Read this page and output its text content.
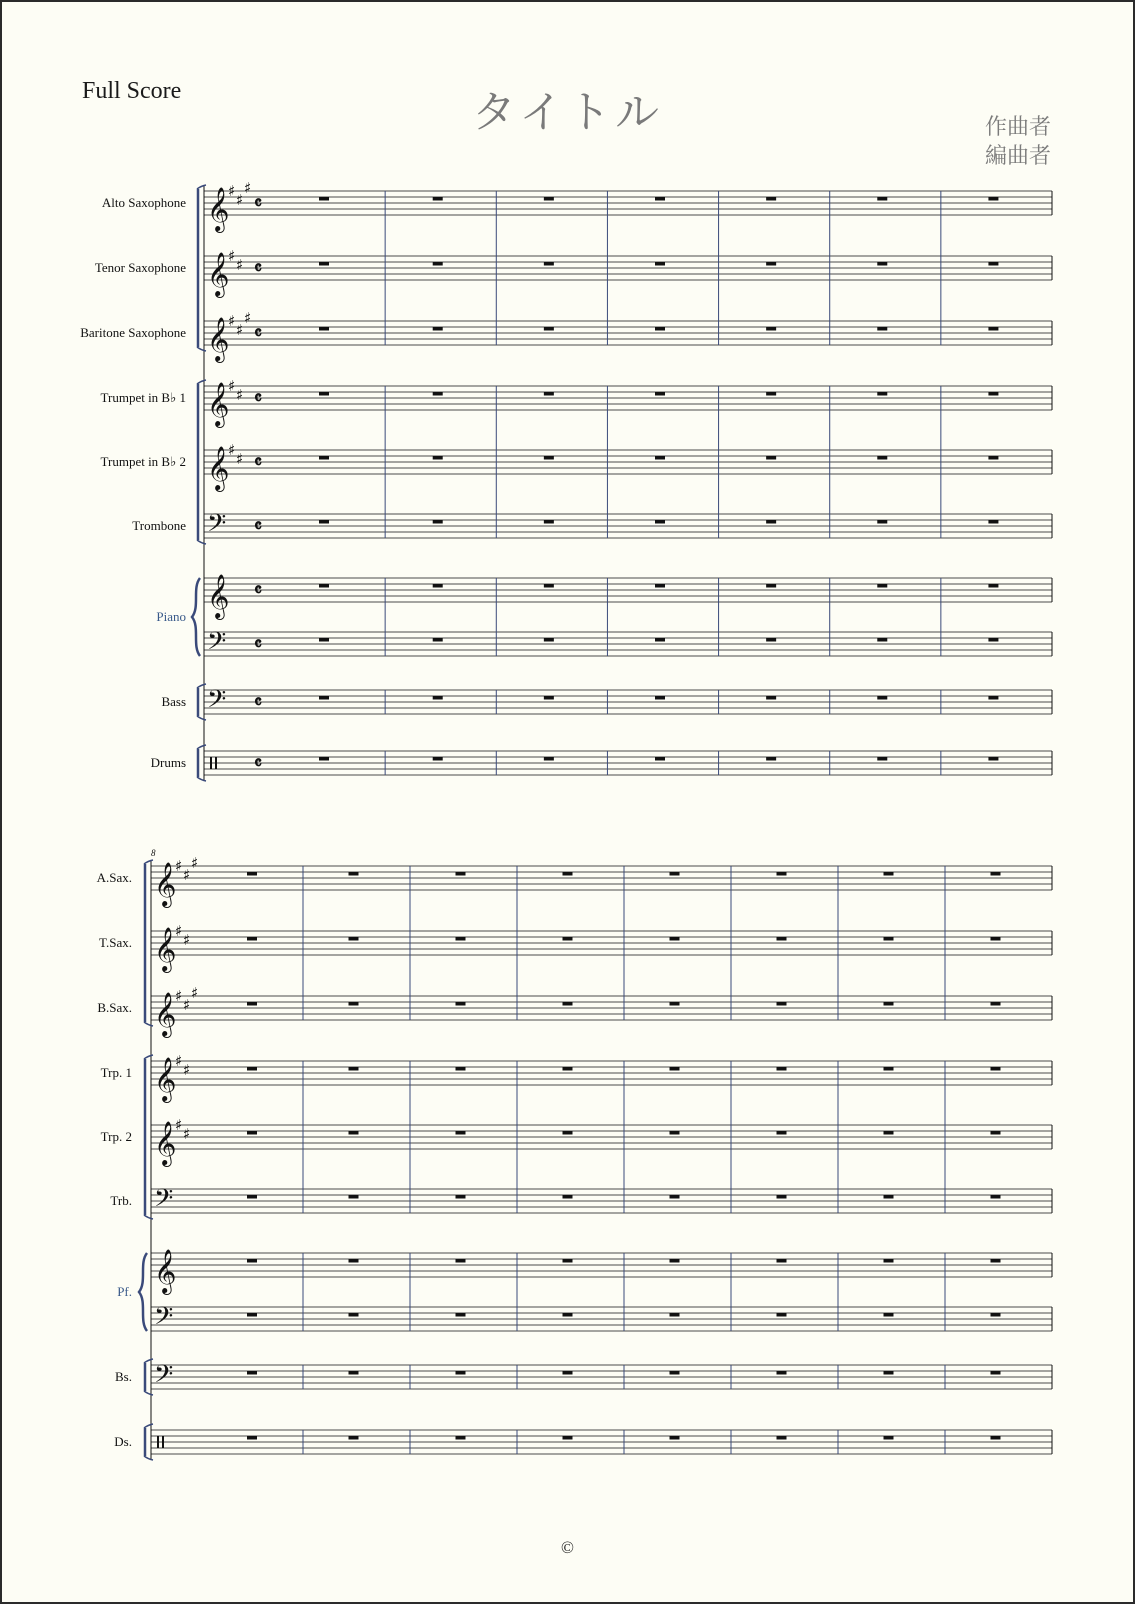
Full Score	タイトル	作曲者
編曲者
𝄞
♯ ♯
♯
𝄴
Alto Saxophone
𝄞
♯ ♯ 𝄴
Tenor Saxophone
𝄞
♯ ♯
♯
𝄴
Baritone Saxophone
𝄞
♯ ♯ 𝄴
Trumpet in B♭ 1
𝄞
♯ ♯ 𝄴
Trumpet in B♭ 2
𝄢 𝄴
Trombone
𝄞 𝄴
𝄢 𝄴
Piano
𝄢 𝄴
Bass
𝄴
Drums
8
𝄞
♯ ♯
♯
A.Sax.
𝄞
♯ ♯
T.Sax.
𝄞
♯ ♯
♯
B.Sax.
𝄞
♯ ♯
Trp. 1
𝄞
♯ ♯
Trp. 2
𝄢
Trb.
𝄞
𝄢
Pf.
𝄢
Bs.
Ds.
©
